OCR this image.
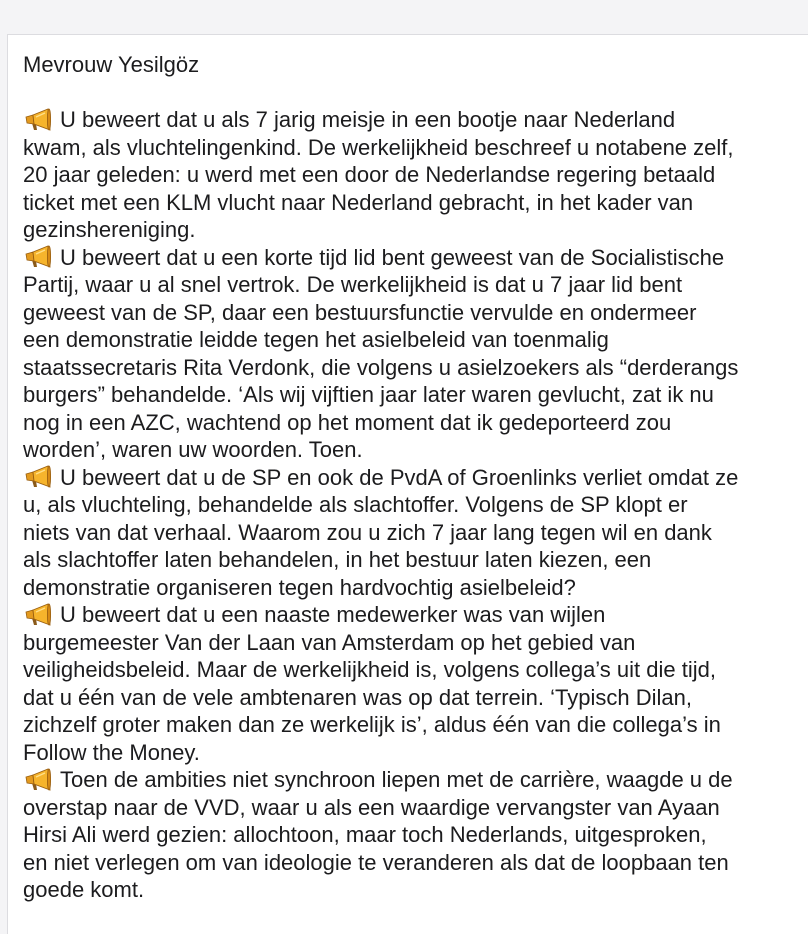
Mevrouw Yesilgöz
U beweert dat u als 7 jarig meisje in een bootje naar Nederland
kwam, als vluchtelingenkind. De werkelijkheid beschreef u notabene zelf,
20 jaar geleden: u werd met een door de Nederlandse regering betaald
ticket met een KLM vlucht naar Nederland gebracht, in het kader van
gezinshereniging.
U beweert dat u een korte tijd lid bent geweest van de Socialistische
Partij, waar u al snel vertrok. De werkelijkheid is dat u 7 jaar lid bent
geweest van de SP, daar een bestuursfunctie vervulde en ondermeer
een demonstratie leidde tegen het asielbeleid van toenmalig
staatssecretaris Rita Verdonk, die volgens u asielzoekers als “derderangs
burgers” behandelde. ‘Als wij vijftien jaar later waren gevlucht, zat ik nu
nog in een AZC, wachtend op het moment dat ik gedeporteerd zou
worden’, waren uw woorden. Toen.
U beweert dat u de SP en ook de PvdA of Groenlinks verliet omdat ze
u, als vluchteling, behandelde als slachtoffer. Volgens de SP klopt er
niets van dat verhaal. Waarom zou u zich 7 jaar lang tegen wil en dank
als slachtoffer laten behandelen, in het bestuur laten kiezen, een
demonstratie organiseren tegen hardvochtig asielbeleid?
U beweert dat u een naaste medewerker was van wijlen
burgemeester Van der Laan van Amsterdam op het gebied van
veiligheidsbeleid. Maar de werkelijkheid is, volgens collega’s uit die tijd,
dat u één van de vele ambtenaren was op dat terrein. ‘Typisch Dilan,
zichzelf groter maken dan ze werkelijk is’, aldus één van die collega’s in
Follow the Money.
Toen de ambities niet synchroon liepen met de carrière, waagde u de
overstap naar de VVD, waar u als een waardige vervangster van Ayaan
Hirsi Ali werd gezien: allochtoon, maar toch Nederlands, uitgesproken,
en niet verlegen om van ideologie te veranderen als dat de loopbaan ten
goede komt.
